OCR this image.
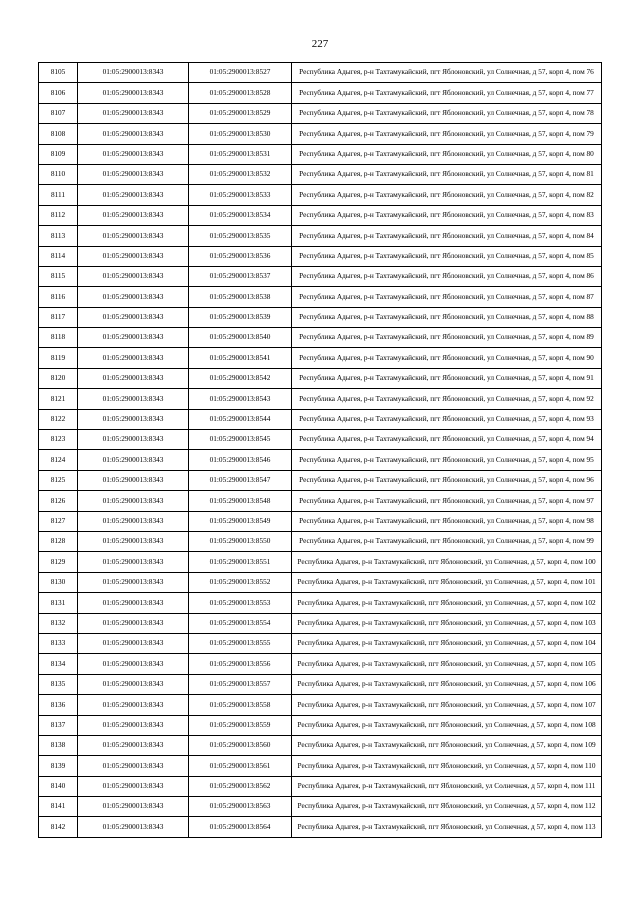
227
8105	01:05:2900013:8343	01:05:2900013:8527	Республика Адыгея, р-н Тахтамукайский, пгт Яблоновский, ул Солнечная, д 57, корп 4, пом 76
8106	01:05:2900013:8343	01:05:2900013:8528	Республика Адыгея, р-н Тахтамукайский, пгт Яблоновский, ул Солнечная, д 57, корп 4, пом 77
8107	01:05:2900013:8343	01:05:2900013:8529	Республика Адыгея, р-н Тахтамукайский, пгт Яблоновский, ул Солнечная, д 57, корп 4, пом 78
8108	01:05:2900013:8343	01:05:2900013:8530	Республика Адыгея, р-н Тахтамукайский, пгт Яблоновский, ул Солнечная, д 57, корп 4, пом 79
8109	01:05:2900013:8343	01:05:2900013:8531	Республика Адыгея, р-н Тахтамукайский, пгт Яблоновский, ул Солнечная, д 57, корп 4, пом 80
8110	01:05:2900013:8343	01:05:2900013:8532	Республика Адыгея, р-н Тахтамукайский, пгт Яблоновский, ул Солнечная, д 57, корп 4, пом 81
8111	01:05:2900013:8343	01:05:2900013:8533	Республика Адыгея, р-н Тахтамукайский, пгт Яблоновский, ул Солнечная, д 57, корп 4, пом 82
8112	01:05:2900013:8343	01:05:2900013:8534	Республика Адыгея, р-н Тахтамукайский, пгт Яблоновский, ул Солнечная, д 57, корп 4, пом 83
8113	01:05:2900013:8343	01:05:2900013:8535	Республика Адыгея, р-н Тахтамукайский, пгт Яблоновский, ул Солнечная, д 57, корп 4, пом 84
8114	01:05:2900013:8343	01:05:2900013:8536	Республика Адыгея, р-н Тахтамукайский, пгт Яблоновский, ул Солнечная, д 57, корп 4, пом 85
8115	01:05:2900013:8343	01:05:2900013:8537	Республика Адыгея, р-н Тахтамукайский, пгт Яблоновский, ул Солнечная, д 57, корп 4, пом 86
8116	01:05:2900013:8343	01:05:2900013:8538	Республика Адыгея, р-н Тахтамукайский, пгт Яблоновский, ул Солнечная, д 57, корп 4, пом 87
8117	01:05:2900013:8343	01:05:2900013:8539	Республика Адыгея, р-н Тахтамукайский, пгт Яблоновский, ул Солнечная, д 57, корп 4, пом 88
8118	01:05:2900013:8343	01:05:2900013:8540	Республика Адыгея, р-н Тахтамукайский, пгт Яблоновский, ул Солнечная, д 57, корп 4, пом 89
8119	01:05:2900013:8343	01:05:2900013:8541	Республика Адыгея, р-н Тахтамукайский, пгт Яблоновский, ул Солнечная, д 57, корп 4, пом 90
8120	01:05:2900013:8343	01:05:2900013:8542	Республика Адыгея, р-н Тахтамукайский, пгт Яблоновский, ул Солнечная, д 57, корп 4, пом 91
8121	01:05:2900013:8343	01:05:2900013:8543	Республика Адыгея, р-н Тахтамукайский, пгт Яблоновский, ул Солнечная, д 57, корп 4, пом 92
8122	01:05:2900013:8343	01:05:2900013:8544	Республика Адыгея, р-н Тахтамукайский, пгт Яблоновский, ул Солнечная, д 57, корп 4, пом 93
8123	01:05:2900013:8343	01:05:2900013:8545	Республика Адыгея, р-н Тахтамукайский, пгт Яблоновский, ул Солнечная, д 57, корп 4, пом 94
8124	01:05:2900013:8343	01:05:2900013:8546	Республика Адыгея, р-н Тахтамукайский, пгт Яблоновский, ул Солнечная, д 57, корп 4, пом 95
8125	01:05:2900013:8343	01:05:2900013:8547	Республика Адыгея, р-н Тахтамукайский, пгт Яблоновский, ул Солнечная, д 57, корп 4, пом 96
8126	01:05:2900013:8343	01:05:2900013:8548	Республика Адыгея, р-н Тахтамукайский, пгт Яблоновский, ул Солнечная, д 57, корп 4, пом 97
8127	01:05:2900013:8343	01:05:2900013:8549	Республика Адыгея, р-н Тахтамукайский, пгт Яблоновский, ул Солнечная, д 57, корп 4, пом 98
8128	01:05:2900013:8343	01:05:2900013:8550	Республика Адыгея, р-н Тахтамукайский, пгт Яблоновский, ул Солнечная, д 57, корп 4, пом 99
8129	01:05:2900013:8343	01:05:2900013:8551	Республика Адыгея, р-н Тахтамукайский, пгт Яблоновский, ул Солнечная, д 57, корп 4, пом 100
8130	01:05:2900013:8343	01:05:2900013:8552	Республика Адыгея, р-н Тахтамукайский, пгт Яблоновский, ул Солнечная, д 57, корп 4, пом 101
8131	01:05:2900013:8343	01:05:2900013:8553	Республика Адыгея, р-н Тахтамукайский, пгт Яблоновский, ул Солнечная, д 57, корп 4, пом 102
8132	01:05:2900013:8343	01:05:2900013:8554	Республика Адыгея, р-н Тахтамукайский, пгт Яблоновский, ул Солнечная, д 57, корп 4, пом 103
8133	01:05:2900013:8343	01:05:2900013:8555	Республика Адыгея, р-н Тахтамукайский, пгт Яблоновский, ул Солнечная, д 57, корп 4, пом 104
8134	01:05:2900013:8343	01:05:2900013:8556	Республика Адыгея, р-н Тахтамукайский, пгт Яблоновский, ул Солнечная, д 57, корп 4, пом 105
8135	01:05:2900013:8343	01:05:2900013:8557	Республика Адыгея, р-н Тахтамукайский, пгт Яблоновский, ул Солнечная, д 57, корп 4, пом 106
8136	01:05:2900013:8343	01:05:2900013:8558	Республика Адыгея, р-н Тахтамукайский, пгт Яблоновский, ул Солнечная, д 57, корп 4, пом 107
8137	01:05:2900013:8343	01:05:2900013:8559	Республика Адыгея, р-н Тахтамукайский, пгт Яблоновский, ул Солнечная, д 57, корп 4, пом 108
8138	01:05:2900013:8343	01:05:2900013:8560	Республика Адыгея, р-н Тахтамукайский, пгт Яблоновский, ул Солнечная, д 57, корп 4, пом 109
8139	01:05:2900013:8343	01:05:2900013:8561	Республика Адыгея, р-н Тахтамукайский, пгт Яблоновский, ул Солнечная, д 57, корп 4, пом 110
8140	01:05:2900013:8343	01:05:2900013:8562	Республика Адыгея, р-н Тахтамукайский, пгт Яблоновский, ул Солнечная, д 57, корп 4, пом 111
8141	01:05:2900013:8343	01:05:2900013:8563	Республика Адыгея, р-н Тахтамукайский, пгт Яблоновский, ул Солнечная, д 57, корп 4, пом 112
8142	01:05:2900013:8343	01:05:2900013:8564	Республика Адыгея, р-н Тахтамукайский, пгт Яблоновский, ул Солнечная, д 57, корп 4, пом 113
